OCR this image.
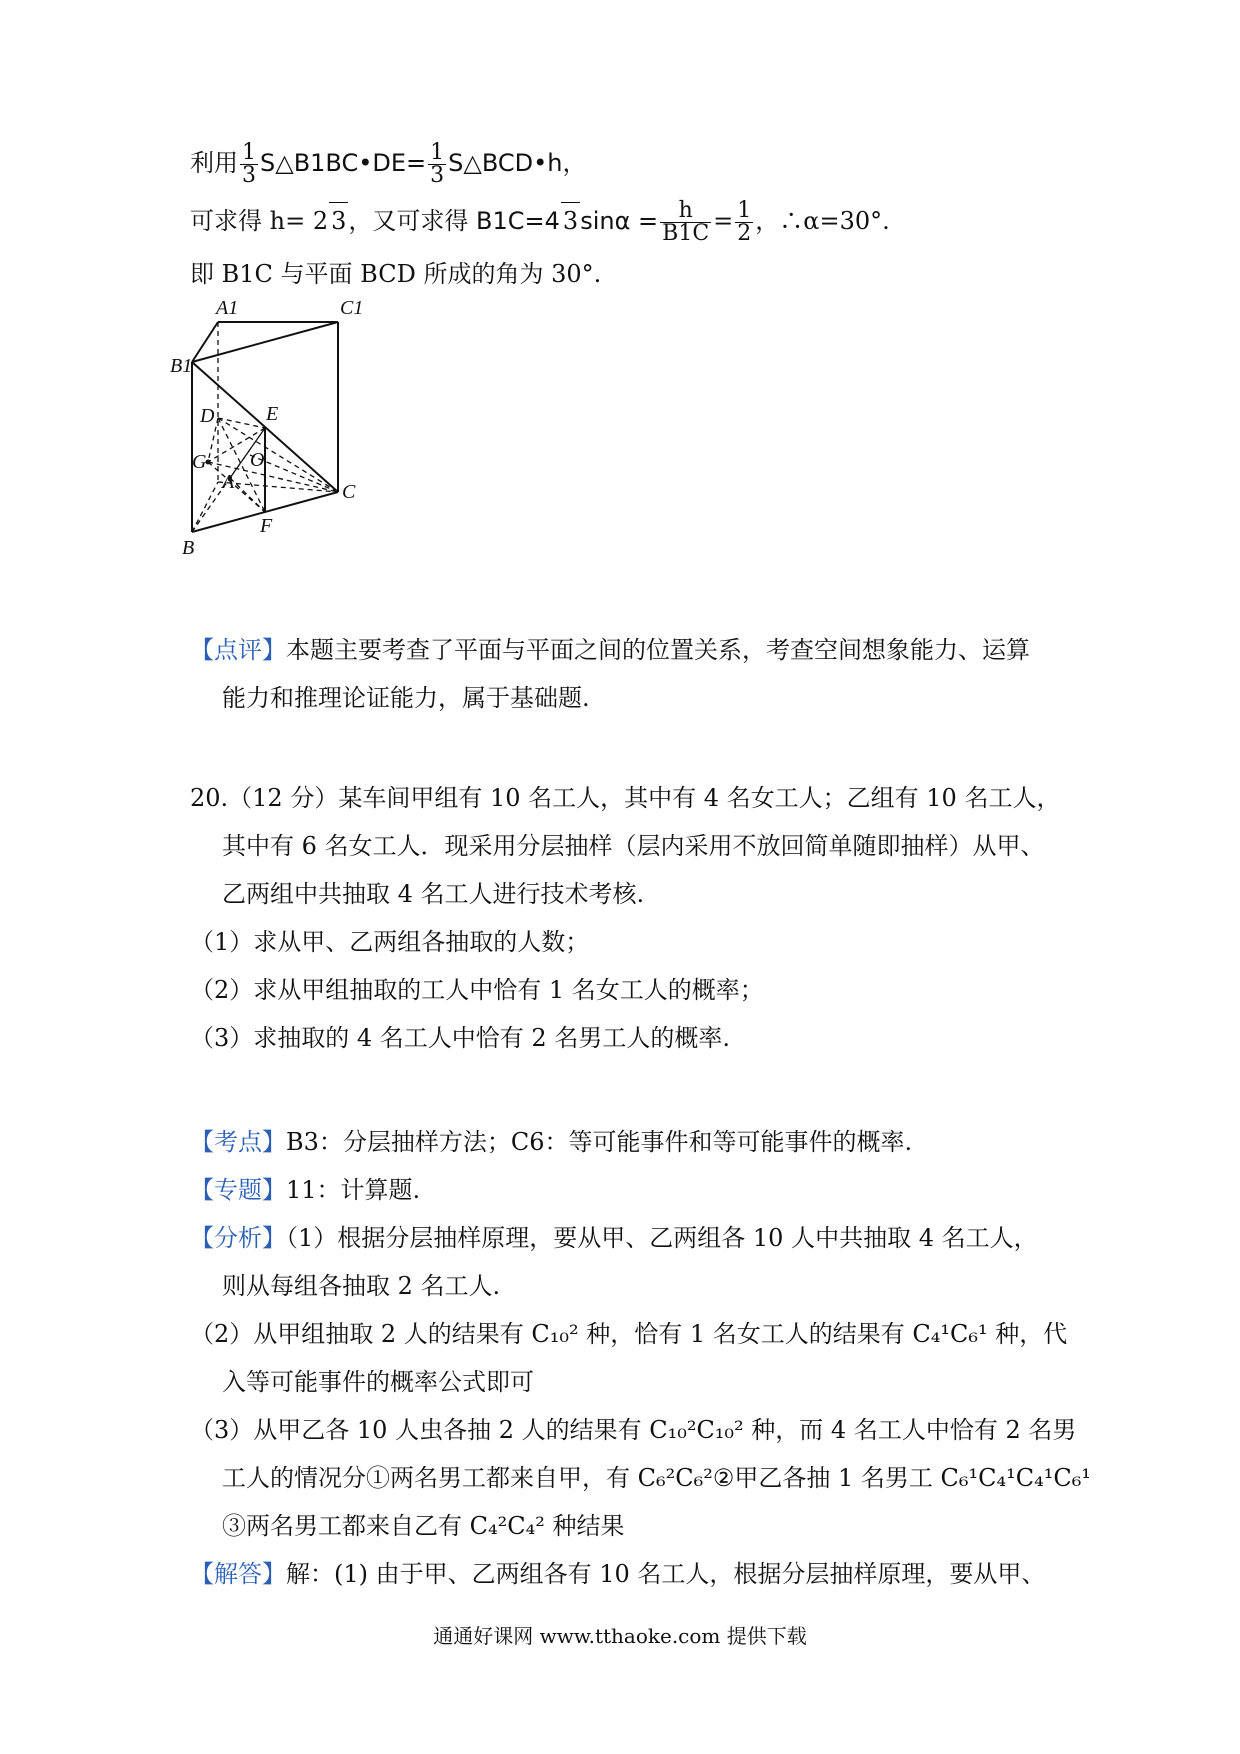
利用 $\frac{1}{3}$ S△B1BC•DE= $\frac{1}{3}$ S△BCD•h，
可求得 h= 2 3，又可求得 B1C=4 $3\sin\alpha = \frac{h}{B1C} = \frac{1}{2}$ ，∴α=30°.
即 B1C 与平面 BCD 所成的角为 30°.
A1	C1
B1
D	E
G O
A	C
F
B
【点评】本题主要考查了平面与平面之间的位置关系，考查空间想象能力、运算
能力和推理论证能力，属于基础题.
20.（12 分）某车间甲组有 10 名工人，其中有 4 名女工人；乙组有 10 名工人，
其中有 6 名女工人．现采用分层抽样（层内采用不放回简单随即抽样）从甲、
乙两组中共抽取 4 名工人进行技术考核.
（1）求从甲、乙两组各抽取的人数；
（2）求从甲组抽取的工人中恰有 1 名女工人的概率；
（3）求抽取的 4 名工人中恰有 2 名男工人的概率.
【考点】B3：分层抽样方法；C6：等可能事件和等可能事件的概率.
【专题】11：计算题.
【分析】（1）根据分层抽样原理，要从甲、乙两组各 10 人中共抽取 4 名工人，
则从每组各抽取 2 名工人.
（2）从甲组抽取 2 人的结果有 C₁₀² 种，恰有 1 名女工人的结果有 C₄¹C₆¹ 种，代
入等可能事件的概率公式即可
（3）从甲乙各 10 人虫各抽 2 人的结果有 C₁₀²C₁₀² 种，而 4 名工人中恰有 2 名男
工人的情况分①两名男工都来自甲，有 C₆²C₆²②甲乙各抽 1 名男工 C₆¹C₄¹C₄¹C₆¹
③两名男工都来自乙有 C₄²C₄² 种结果
【解答】解：(1) 由于甲、乙两组各有 10 名工人，根据分层抽样原理，要从甲、
通通好课网 www.tthaoke.com 提供下载
